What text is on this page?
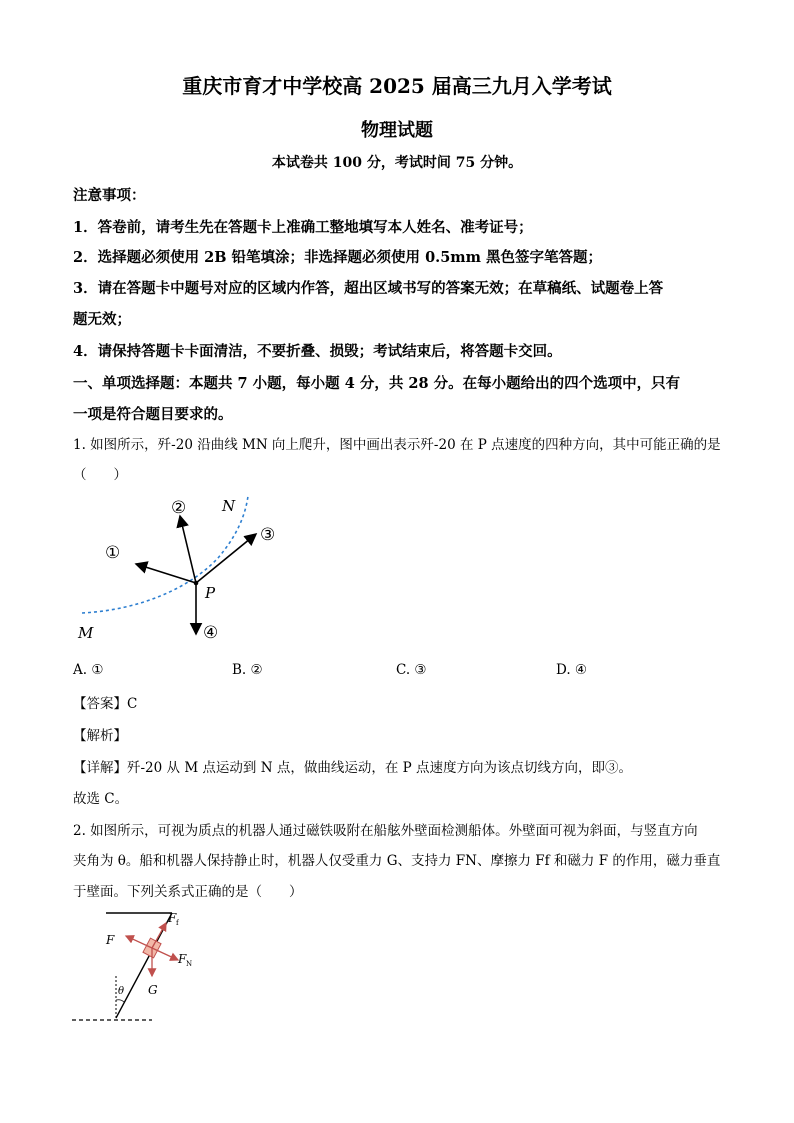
重庆市育才中学校高 2025 届高三九月入学考试
物理试题
本试卷共 100 分，考试时间 75 分钟。
注意事项：
1．答卷前，请考生先在答题卡上准确工整地填写本人姓名、准考证号；
2．选择题必须使用 2B 铅笔填涂；非选择题必须使用 0.5mm 黑色签字笔答题；
3．请在答题卡中题号对应的区域内作答，超出区域书写的答案无效；在草稿纸、试题卷上答
题无效；
4．请保持答题卡卡面清洁，不要折叠、损毁；考试结束后，将答题卡交回。
一、单项选择题：本题共 7 小题，每小题 4 分，共 28 分。在每小题给出的四个选项中，只有
一项是符合题目要求的。
1. 如图所示，歼-20 沿曲线 MN 向上爬升，图中画出表示歼-20 在 P 点速度的四种方向，其中可能正确的是
（　　）
N
M
P
①
②
③
④
A. ①	B. ②	C. ③	D. ④
【答案】C
【解析】
【详解】歼-20 从 M 点运动到 N 点，做曲线运动，在 P 点速度方向为该点切线方向，即③。
故选 C。
2. 如图所示，可视为质点的机器人通过磁铁吸附在船舷外壁面检测船体。外壁面可视为斜面，与竖直方向
夹角为 θ。船和机器人保持静止时，机器人仅受重力 G、支持力 FN、摩擦力 Ff 和磁力 F 的作用，磁力垂直
于壁面。下列关系式正确的是（　　）
F
F f
F N
G
θ
